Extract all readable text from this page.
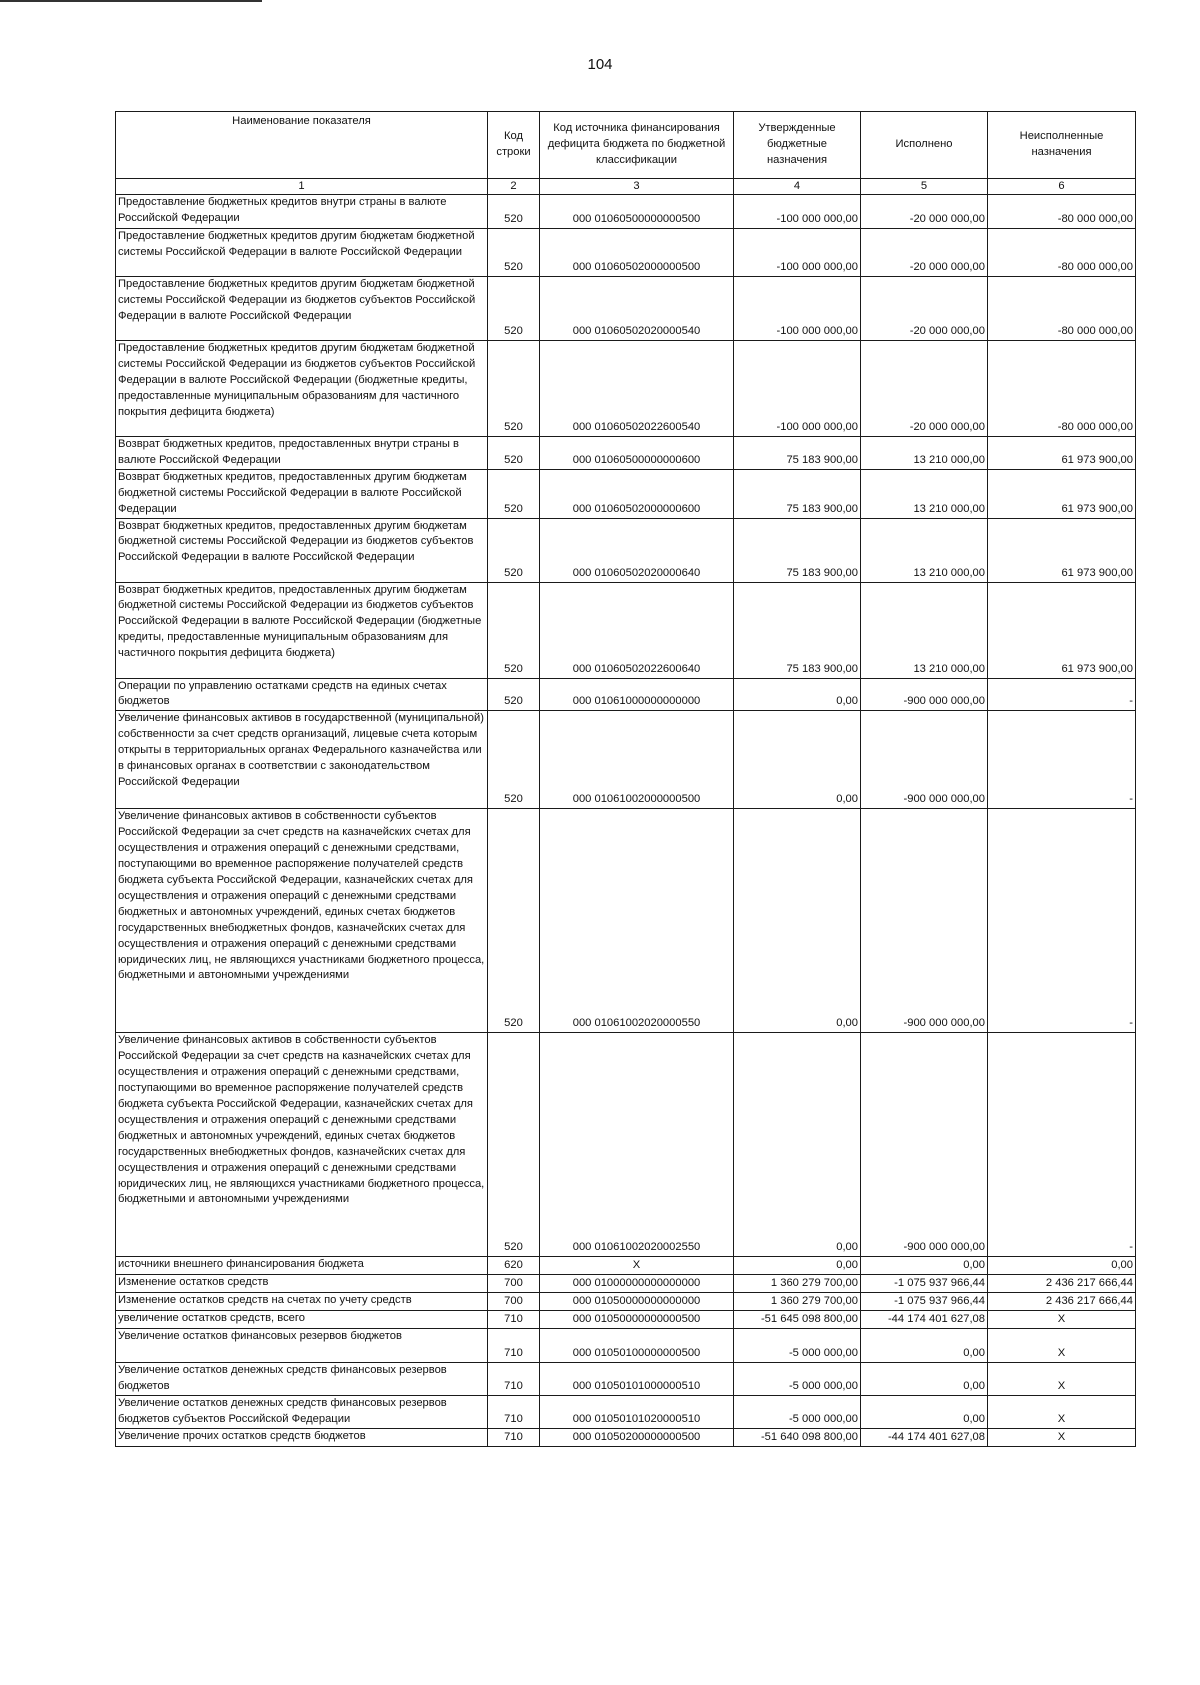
104
Наименование показателя	Код строки	Код источника финансирования дефицита бюджета по бюджетной классификации	Утвержденные бюджетные назначения	Исполнено	Неисполненные назначения
1	2	3	4	5	6
Предоставление бюджетных кредитов внутри страны в валюте Российской Федерации	520	000 01060500000000500	-100 000 000,00	-20 000 000,00	-80 000 000,00
Предоставление бюджетных кредитов другим бюджетам бюджетной системы Российской Федерации в валюте Российской Федерации	520	000 01060502000000500	-100 000 000,00	-20 000 000,00	-80 000 000,00
Предоставление бюджетных кредитов другим бюджетам бюджетной системы Российской Федерации из бюджетов субъектов Российской Федерации в валюте Российской Федерации	520	000 01060502020000540	-100 000 000,00	-20 000 000,00	-80 000 000,00
Предоставление бюджетных кредитов другим бюджетам бюджетной системы Российской Федерации из бюджетов субъектов Российской Федерации в валюте Российской Федерации (бюджетные кредиты, предоставленные муниципальным образованиям для частичного покрытия дефицита бюджета)	520	000 01060502022600540	-100 000 000,00	-20 000 000,00	-80 000 000,00
Возврат бюджетных кредитов, предоставленных внутри страны в валюте Российской Федерации	520	000 01060500000000600	75 183 900,00	13 210 000,00	61 973 900,00
Возврат бюджетных кредитов, предоставленных другим бюджетам бюджетной системы Российской Федерации в валюте Российской Федерации	520	000 01060502000000600	75 183 900,00	13 210 000,00	61 973 900,00
Возврат бюджетных кредитов, предоставленных другим бюджетам бюджетной системы Российской Федерации из бюджетов субъектов Российской Федерации в валюте Российской Федерации	520	000 01060502020000640	75 183 900,00	13 210 000,00	61 973 900,00
Возврат бюджетных кредитов, предоставленных другим бюджетам бюджетной системы Российской Федерации из бюджетов субъектов Российской Федерации в валюте Российской Федерации (бюджетные кредиты, предоставленные муниципальным образованиям для частичного покрытия дефицита бюджета)	520	000 01060502022600640	75 183 900,00	13 210 000,00	61 973 900,00
Операции по управлению остатками средств на единых счетах бюджетов	520	000 01061000000000000	0,00	-900 000 000,00	-
Увеличение финансовых активов в государственной (муниципальной) собственности за счет средств организаций, лицевые счета которым открыты в территориальных органах Федерального казначейства или в финансовых органах в соответствии с законодательством Российской Федерации	520	000 01061002000000500	0,00	-900 000 000,00	-
Увеличение финансовых активов в собственности субъектов Российской Федерации за счет средств на казначейских счетах для осуществления и отражения операций с денежными средствами, поступающими во временное распоряжение получателей средств бюджета субъекта Российской Федерации, казначейских счетах для осуществления и отражения операций с денежными средствами бюджетных и автономных учреждений, единых счетах бюджетов государственных внебюджетных фондов, казначейских счетах для осуществления и отражения операций с денежными средствами юридических лиц, не являющихся участниками бюджетного процесса, бюджетными и автономными учреждениями	520	000 01061002020000550	0,00	-900 000 000,00	-
Увеличение финансовых активов в собственности субъектов Российской Федерации за счет средств на казначейских счетах для осуществления и отражения операций с денежными средствами, поступающими во временное распоряжение получателей средств бюджета субъекта Российской Федерации, казначейских счетах для осуществления и отражения операций с денежными средствами бюджетных и автономных учреждений, единых счетах бюджетов государственных внебюджетных фондов, казначейских счетах для осуществления и отражения операций с денежными средствами юридических лиц, не являющихся участниками бюджетного процесса, бюджетными и автономными учреждениями	520	000 01061002020002550	0,00	-900 000 000,00	-
источники внешнего финансирования бюджета	620	X	0,00	0,00	0,00
Изменение остатков средств	700	000 01000000000000000	1 360 279 700,00	-1 075 937 966,44	2 436 217 666,44
Изменение остатков средств на счетах по учету средств	700	000 01050000000000000	1 360 279 700,00	-1 075 937 966,44	2 436 217 666,44
увеличение остатков средств, всего	710	000 01050000000000500	-51 645 098 800,00	-44 174 401 627,08	X
Увеличение остатков финансовых резервов бюджетов	710	000 01050100000000500	-5 000 000,00	0,00	X
Увеличение остатков денежных средств финансовых резервов бюджетов	710	000 01050101000000510	-5 000 000,00	0,00	X
Увеличение остатков денежных средств финансовых резервов бюджетов субъектов Российской Федерации	710	000 01050101020000510	-5 000 000,00	0,00	X
Увеличение прочих остатков средств бюджетов	710	000 01050200000000500	-51 640 098 800,00	-44 174 401 627,08	X
